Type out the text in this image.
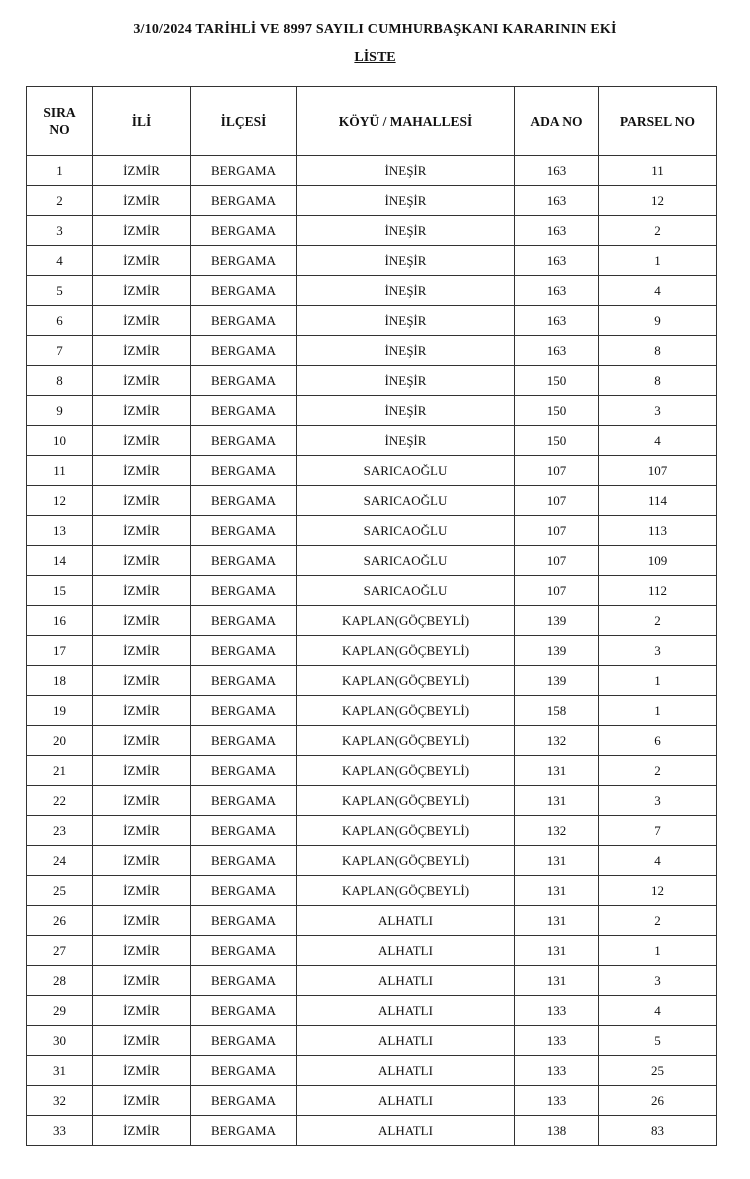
3/10/2024 TARİHLİ VE 8997 SAYILI CUMHURBAŞKANI KARARININ EKİ
LİSTE
SIRA
NO	İLİ	İLÇESİ	KÖYÜ / MAHALLESİ	ADA NO	PARSEL NO
1	İZMİR	BERGAMA	İNEŞİR	163	11
2	İZMİR	BERGAMA	İNEŞİR	163	12
3	İZMİR	BERGAMA	İNEŞİR	163	2
4	İZMİR	BERGAMA	İNEŞİR	163	1
5	İZMİR	BERGAMA	İNEŞİR	163	4
6	İZMİR	BERGAMA	İNEŞİR	163	9
7	İZMİR	BERGAMA	İNEŞİR	163	8
8	İZMİR	BERGAMA	İNEŞİR	150	8
9	İZMİR	BERGAMA	İNEŞİR	150	3
10	İZMİR	BERGAMA	İNEŞİR	150	4
11	İZMİR	BERGAMA	SARICAOĞLU	107	107
12	İZMİR	BERGAMA	SARICAOĞLU	107	114
13	İZMİR	BERGAMA	SARICAOĞLU	107	113
14	İZMİR	BERGAMA	SARICAOĞLU	107	109
15	İZMİR	BERGAMA	SARICAOĞLU	107	112
16	İZMİR	BERGAMA	KAPLAN(GÖÇBEYLİ)	139	2
17	İZMİR	BERGAMA	KAPLAN(GÖÇBEYLİ)	139	3
18	İZMİR	BERGAMA	KAPLAN(GÖÇBEYLİ)	139	1
19	İZMİR	BERGAMA	KAPLAN(GÖÇBEYLİ)	158	1
20	İZMİR	BERGAMA	KAPLAN(GÖÇBEYLİ)	132	6
21	İZMİR	BERGAMA	KAPLAN(GÖÇBEYLİ)	131	2
22	İZMİR	BERGAMA	KAPLAN(GÖÇBEYLİ)	131	3
23	İZMİR	BERGAMA	KAPLAN(GÖÇBEYLİ)	132	7
24	İZMİR	BERGAMA	KAPLAN(GÖÇBEYLİ)	131	4
25	İZMİR	BERGAMA	KAPLAN(GÖÇBEYLİ)	131	12
26	İZMİR	BERGAMA	ALHATLI	131	2
27	İZMİR	BERGAMA	ALHATLI	131	1
28	İZMİR	BERGAMA	ALHATLI	131	3
29	İZMİR	BERGAMA	ALHATLI	133	4
30	İZMİR	BERGAMA	ALHATLI	133	5
31	İZMİR	BERGAMA	ALHATLI	133	25
32	İZMİR	BERGAMA	ALHATLI	133	26
33	İZMİR	BERGAMA	ALHATLI	138	83
